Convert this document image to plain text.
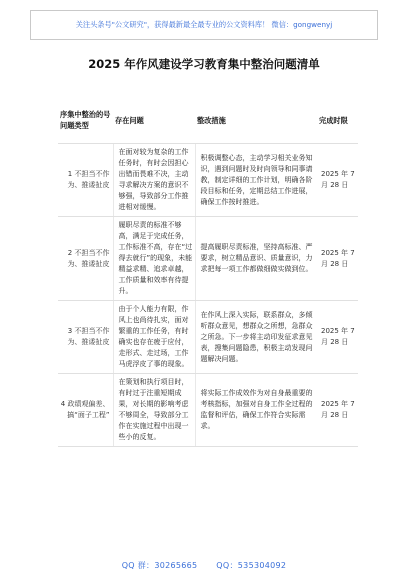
关注头条号"公文研究"，获得最新最全最专业的公文资料库！ 微信：gongwenyj
2025 年作风建设学习教育集中整治问题清单
序集中整治的号问题类型	存在问题	整改措施	完成时限
1 不担当不作为、推诿扯皮	在面对较为复杂的工作任务时，有时会因担心出错而畏难不决，主动寻求解决方案的意识不够强，导致部分工作推进相对缓慢。	积极调整心态，主动学习相关业务知识，遇到问题时及时向领导和同事请教，制定详细的工作计划，明确各阶段目标和任务，定期总结工作进展，确保工作按时推进。	2025 年 7 月 28 日
2 不担当不作为、推诿扯皮	履职尽责的标准不够高，满足于完成任务，工作标准不高，存在“过得去就行”的现象，未能精益求精、追求卓越，工作质量和效率有待提升。	提高履职尽责标准，坚持高标准、严要求，树立精品意识、质量意识，力求把每一项工作都做细做实做到位。	2025 年 7 月 28 日
3 不担当不作为、推诿扯皮	由于个人能力有限，作风上也尚待扎实，面对繁重的工作任务，有时确实也存在疲于应付，走形式、走过场，工作马虎浮皮了事的现象。	在作风上深入实际，联系群众，多倾听群众意见，想群众之所想，急群众之所急。下一步将主动印发征求意见表，搜集问题隐患，积极主动发现问题解决问题。	2025 年 7 月 28 日
4 政绩观偏差、搞“面子工程”	在策划和执行项目时，有时过于注重短期成果，对长期的影响考虑不够周全，导致部分工作在实施过程中出现一些小的反复。	将实际工作成效作为对自身最重要的考核指标，加强对自身工作全过程的监督和评估，确保工作符合实际需求。	2025 年 7 月 28 日
QQ 群：30265665 QQ：535304092
